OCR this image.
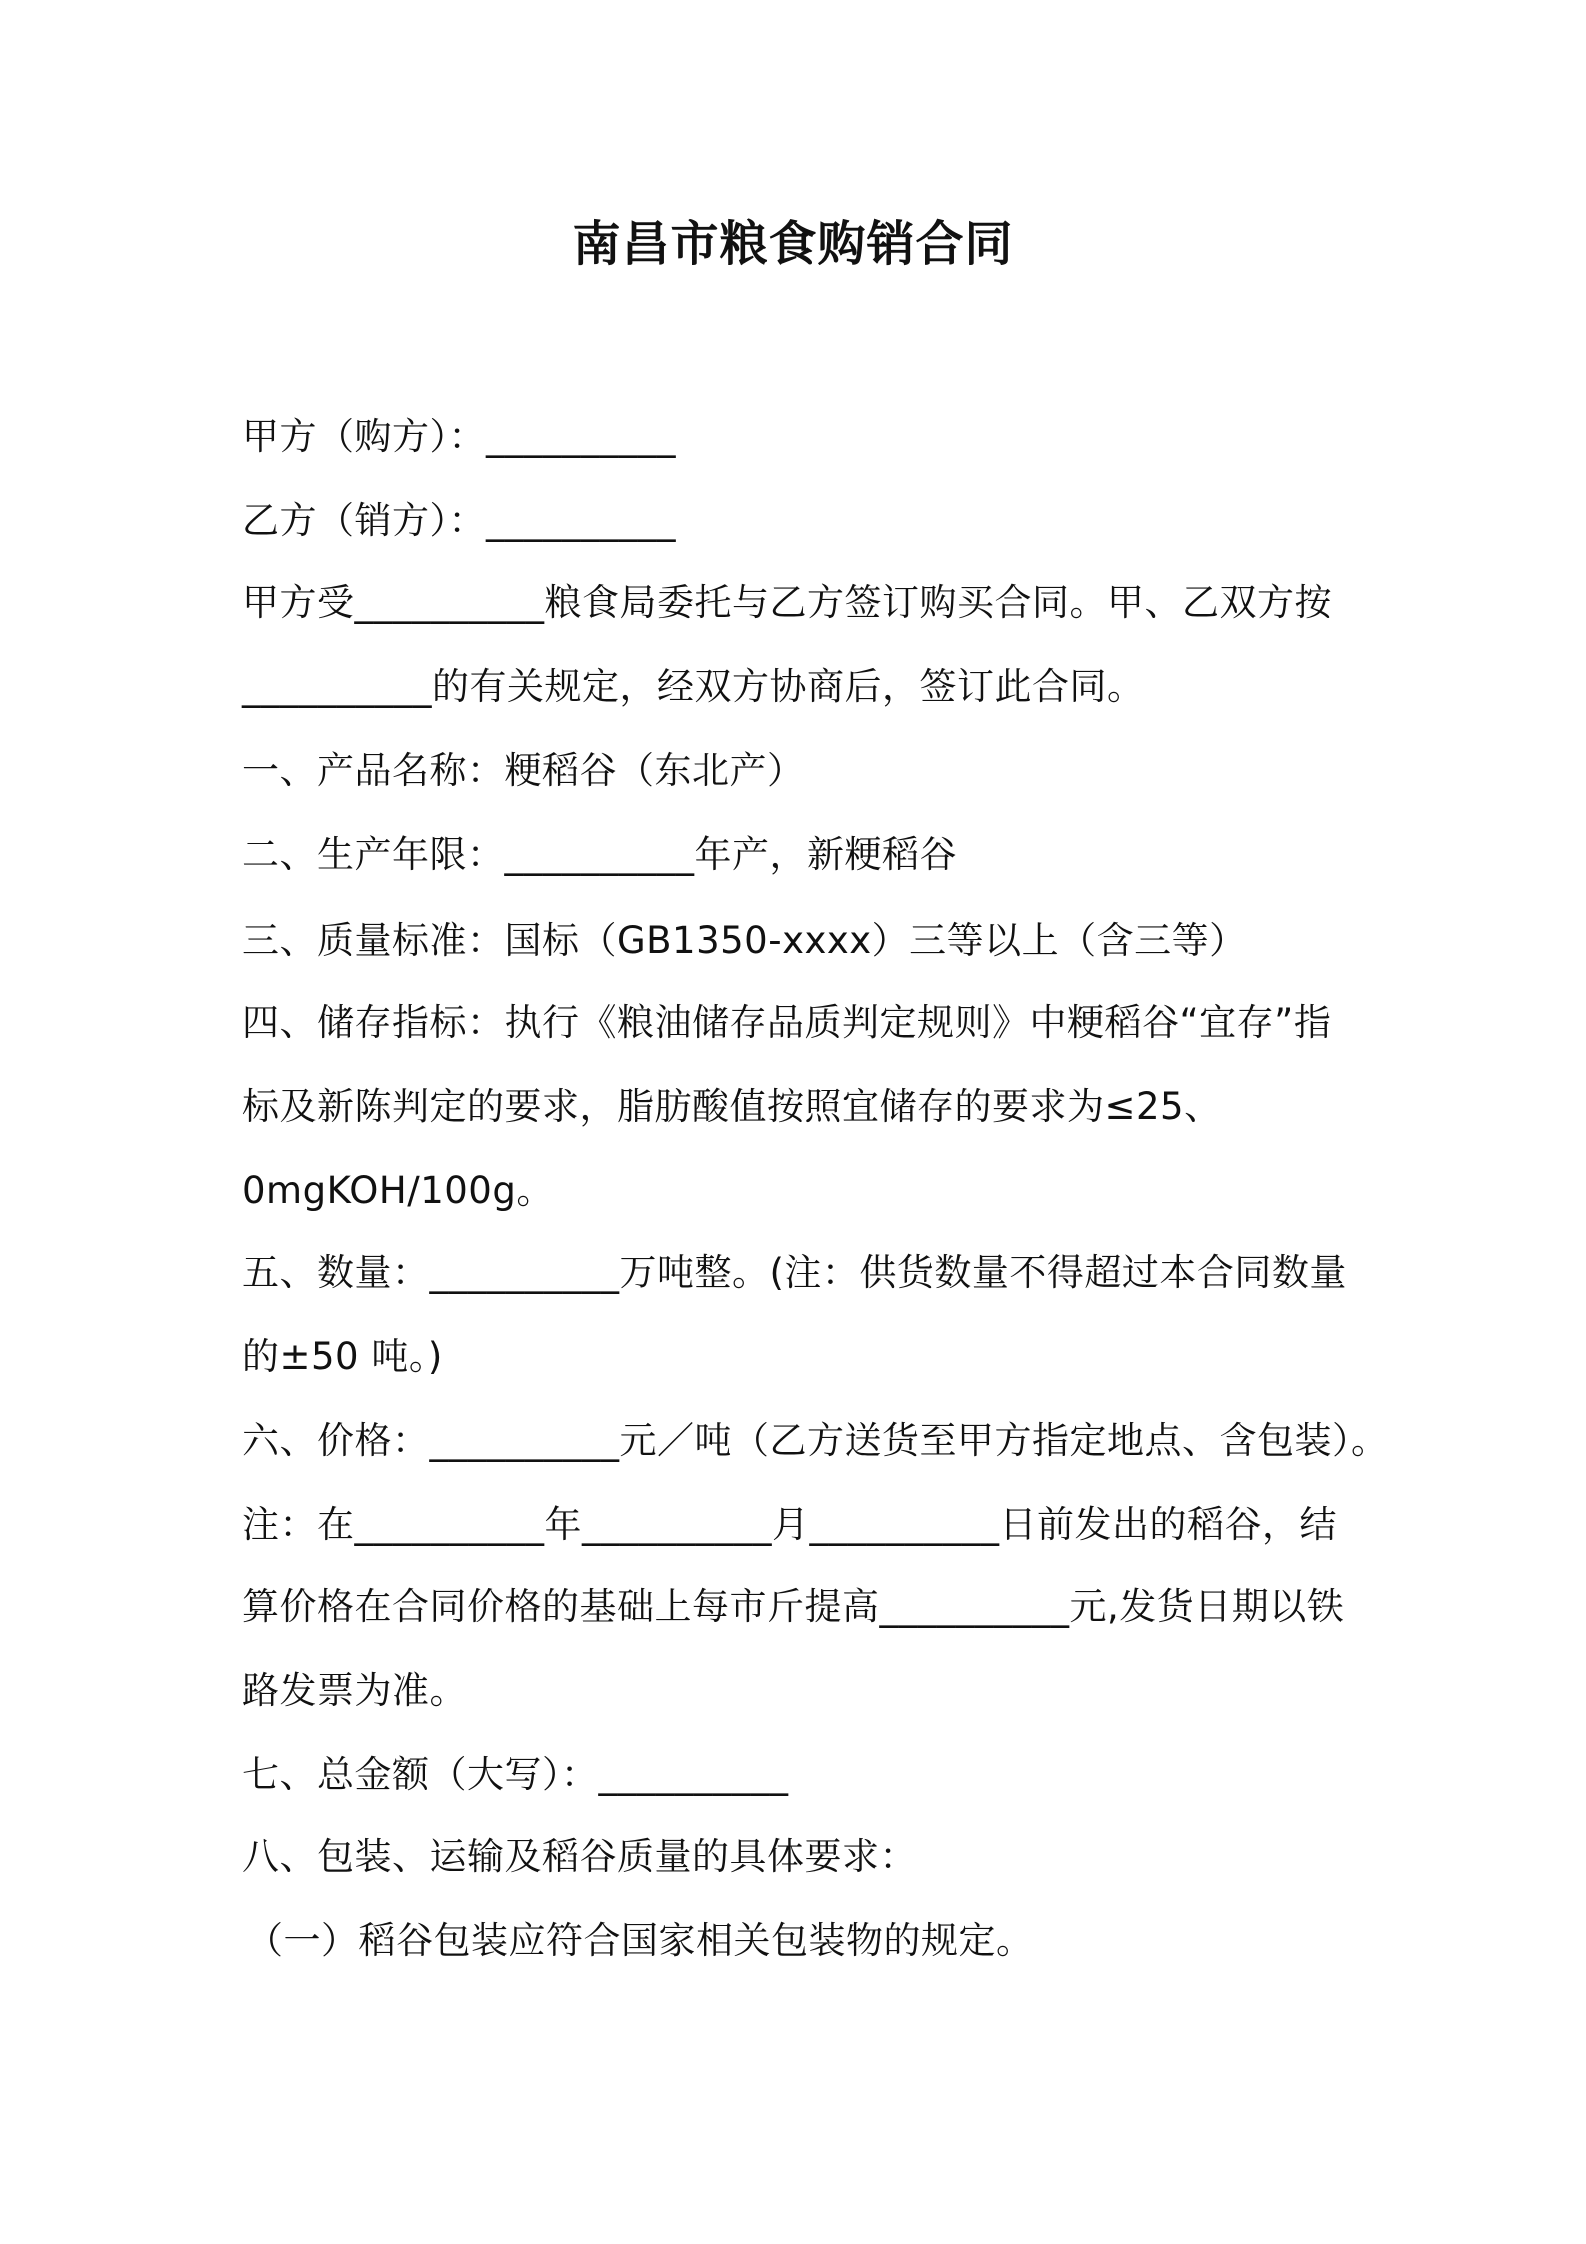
南昌市粮食购销合同
甲方（购方）：__________
乙方（销方）：__________
甲方受__________粮食局委托与乙方签订购买合同。甲、乙双方按
__________的有关规定，经双方协商后，签订此合同。
一、产品名称：粳稻谷（东北产）
二、生产年限：__________年产，新粳稻谷
三、质量标准：国标（GB1350-xxxx）三等以上（含三等）
四、储存指标：执行《粮油储存品质判定规则》中粳稻谷“宜存”指
标及新陈判定的要求，脂肪酸值按照宜储存的要求为≤25、
0mgKOH/100g。
五、数量：__________万吨整。(注：供货数量不得超过本合同数量
的±50 吨。)
六、价格：__________元／吨（乙方送货至甲方指定地点、含包装）。
注：在__________年__________月__________日前发出的稻谷，结
算价格在合同价格的基础上每市斤提高__________元,发货日期以铁
路发票为准。
七、总金额（大写）：__________
八、包装、运输及稻谷质量的具体要求：
（一）稻谷包装应符合国家相关包装物的规定。
